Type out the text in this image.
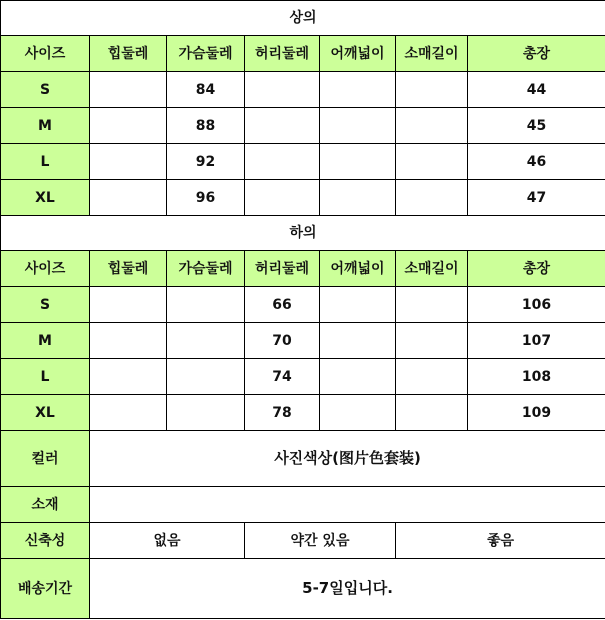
상의						
사이즈	힙둘레	가슴둘레	허리둘레	어깨넓이	소매길이	총장
S		84				44
M		88				45
L		92				46
XL		96				47
하의						
사이즈	힙둘레	가슴둘레	허리둘레	어깨넓이	소매길이	총장
S			66			106
M			70			107
L			74			108
XL			78			109
컬러	사진색상(图片色套装)					
소재						
신축성	없음		약간 있음		좋음	
배송기간	5-7일입니다.					
